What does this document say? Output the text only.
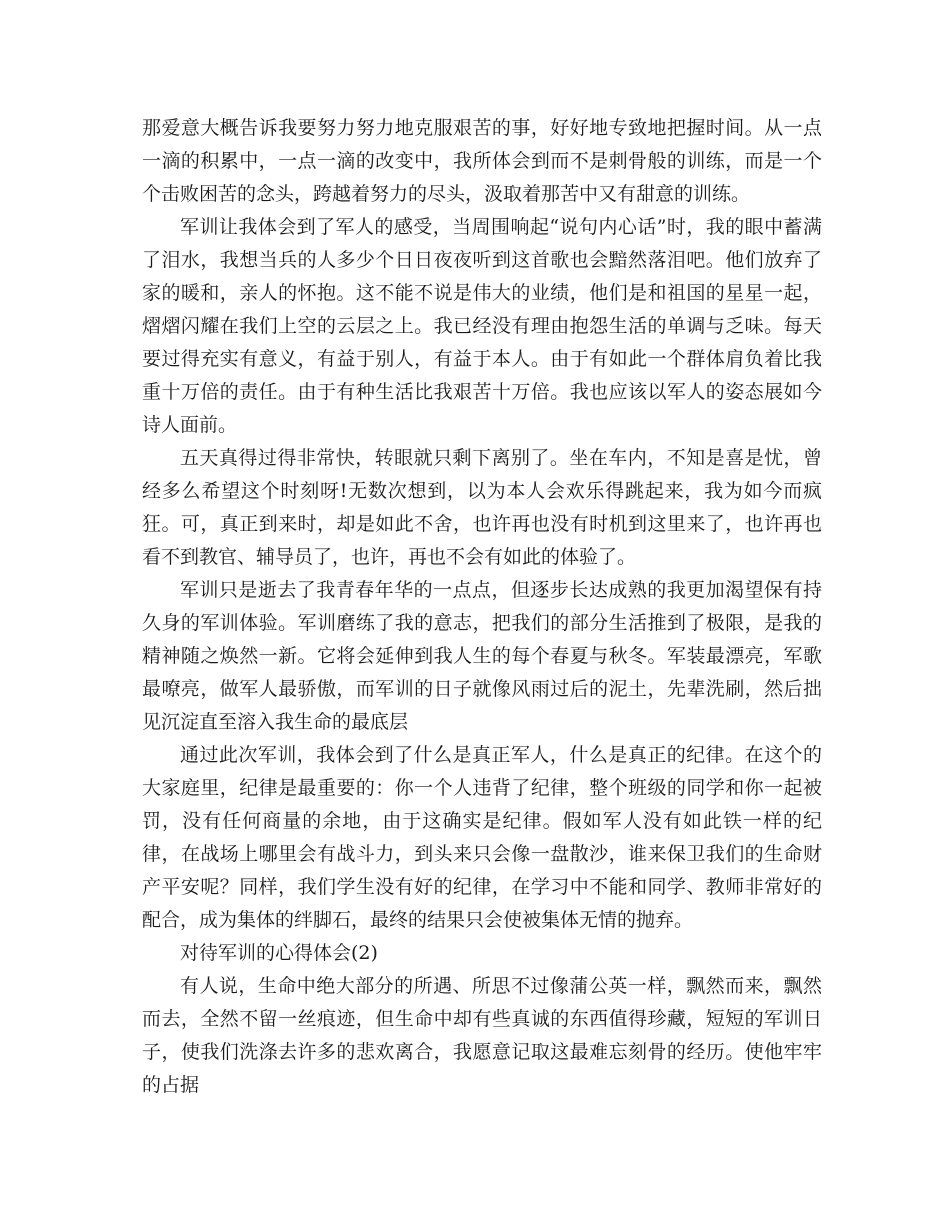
那爱意大概告诉我要努力努力地克服艰苦的事，好好地专致地把握时间。从一点一滴的积累中，一点一滴的改变中，我所体会到而不是刺骨般的训练，而是一个个击败困苦的念头，跨越着努力的尽头，汲取着那苦中又有甜意的训练。

军训让我体会到了军人的感受，当周围响起“说句内心话”时，我的眼中蓄满了泪水，我想当兵的人多少个日日夜夜听到这首歌也会黯然落泪吧。他们放弃了家的暖和，亲人的怀抱。这不能不说是伟大的业绩，他们是和祖国的星星一起，熠熠闪耀在我们上空的云层之上。我已经没有理由抱怨生活的单调与乏味。每天要过得充实有意义，有益于别人，有益于本人。由于有如此一个群体肩负着比我重十万倍的责任。由于有种生活比我艰苦十万倍。我也应该以军人的姿态展如今诗人面前。

五天真得过得非常快，转眼就只剩下离别了。坐在车内，不知是喜是忧，曾经多么希望这个时刻呀!无数次想到，以为本人会欢乐得跳起来，我为如今而疯狂。可，真正到来时，却是如此不舍，也许再也没有时机到这里来了，也许再也看不到教官、辅导员了，也许，再也不会有如此的体验了。

军训只是逝去了我青春年华的一点点，但逐步长达成熟的我更加渴望保有持久身的军训体验。军训磨练了我的意志，把我们的部分生活推到了极限，是我的精神随之焕然一新。它将会延伸到我人生的每个春夏与秋冬。军装最漂亮，军歌最嘹亮，做军人最骄傲，而军训的日子就像风雨过后的泥土，先辈洗刷，然后拙见沉淀直至溶入我生命的最底层

通过此次军训，我体会到了什么是真正军人，什么是真正的纪律。在这个的大家庭里，纪律是最重要的：你一个人违背了纪律，整个班级的同学和你一起被罚，没有任何商量的余地，由于这确实是纪律。假如军人没有如此铁一样的纪律，在战场上哪里会有战斗力，到头来只会像一盘散沙，谁来保卫我们的生命财产平安呢？同样，我们学生没有好的纪律，在学习中不能和同学、教师非常好的配合，成为集体的绊脚石，最终的结果只会使被集体无情的抛弃。

对待军训的心得体会(2)

有人说，生命中绝大部分的所遇、所思不过像蒲公英一样，飘然而来，飘然而去，全然不留一丝痕迹，但生命中却有些真诚的东西值得珍藏，短短的军训日子，使我们洗涤去许多的悲欢离合，我愿意记取这最难忘刻骨的经历。使他牢牢的占据
